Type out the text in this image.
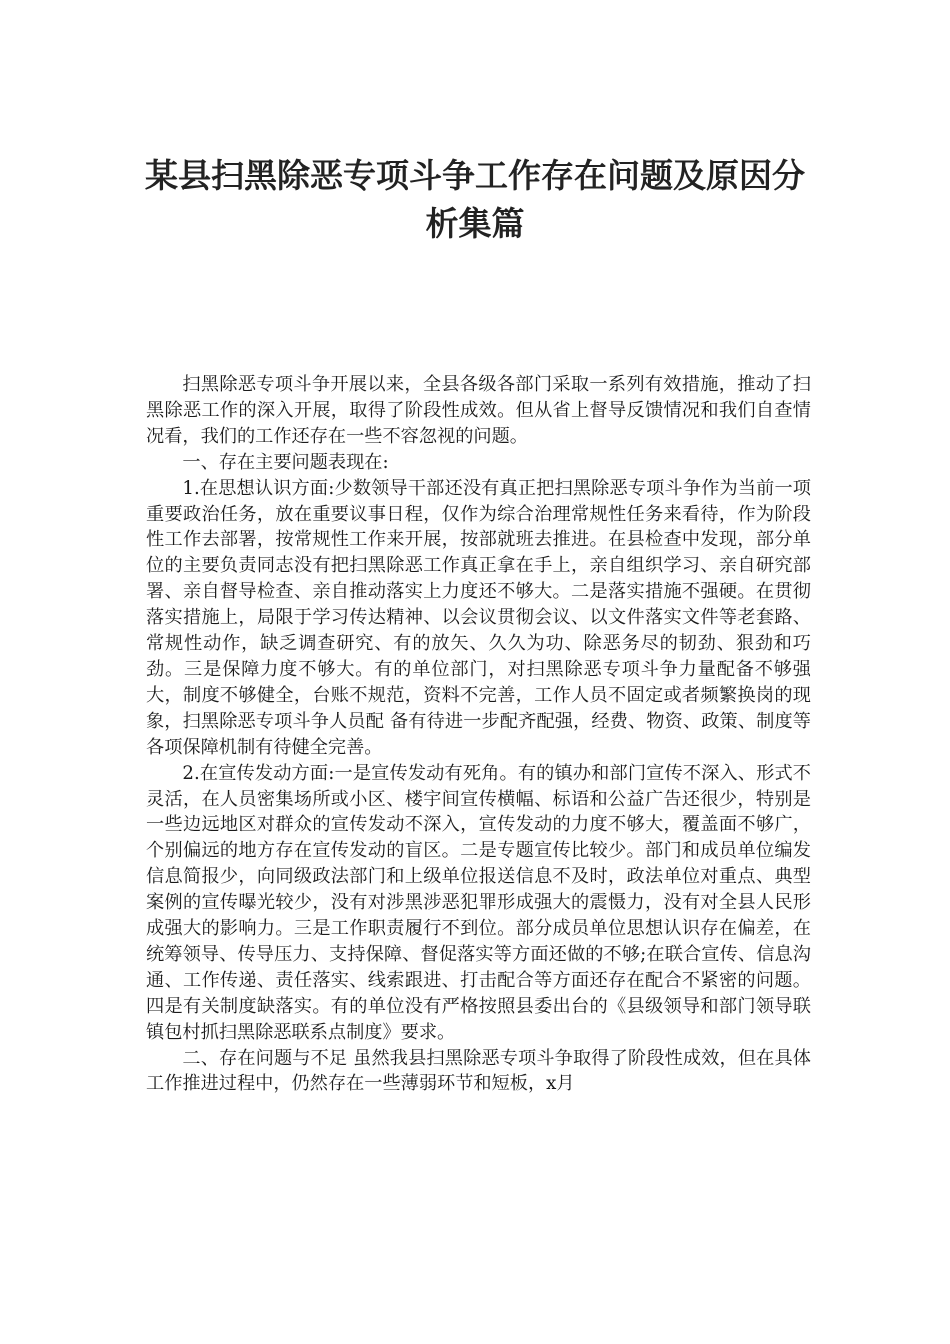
某县扫黑除恶专项斗争工作存在问题及原因分析集篇

扫黑除恶专项斗争开展以来，全县各级各部门采取一系列有效措施，推动了扫黑除恶工作的深入开展，取得了阶段性成效。但从省上督导反馈情况和我们自查情况看，我们的工作还存在一些不容忽视的问题。

一、存在主要问题表现在:

1.在思想认识方面:少数领导干部还没有真正把扫黑除恶专项斗争作为当前一项重要政治任务，放在重要议事日程，仅作为综合治理常规性任务来看待，作为阶段性工作去部署，按常规性工作来开展，按部就班去推进。在县检查中发现，部分单位的主要负责同志没有把扫黑除恶工作真正拿在手上，亲自组织学习、亲自研究部署、亲自督导检查、亲自推动落实上力度还不够大。二是落实措施不强硬。在贯彻落实措施上，局限于学习传达精神、以会议贯彻会议、以文件落实文件等老套路、常规性动作，缺乏调查研究、有的放矢、久久为功、除恶务尽的韧劲、狠劲和巧劲。三是保障力度不够大。有的单位部门，对扫黑除恶专项斗争力量配备不够强大，制度不够健全，台账不规范，资料不完善，工作人员不固定或者频繁换岗的现象，扫黑除恶专项斗争人员配 备有待进一步配齐配强，经费、物资、政策、制度等各项保障机制有待健全完善。

2.在宣传发动方面:一是宣传发动有死角。有的镇办和部门宣传不深入、形式不灵活，在人员密集场所或小区、楼宇间宣传横幅、标语和公益广告还很少，特别是一些边远地区对群众的宣传发动不深入，宣传发动的力度不够大，覆盖面不够广，个别偏远的地方存在宣传发动的盲区。二是专题宣传比较少。部门和成员单位编发信息简报少，向同级政法部门和上级单位报送信息不及时，政法单位对重点、典型案例的宣传曝光较少，没有对涉黑涉恶犯罪形成强大的震慑力，没有对全县人民形成强大的影响力。三是工作职责履行不到位。部分成员单位思想认识存在偏差，在统筹领导、传导压力、支持保障、督促落实等方面还做的不够;在联合宣传、信息沟通、工作传递、责任落实、线索跟进、打击配合等方面还存在配合不紧密的问题。四是有关制度缺落实。有的单位没有严格按照县委出台的《县级领导和部门领导联镇包村抓扫黑除恶联系点制度》要求。

二、存在问题与不足 虽然我县扫黑除恶专项斗争取得了阶段性成效，但在具体工作推进过程中，仍然存在一些薄弱环节和短板，x月
